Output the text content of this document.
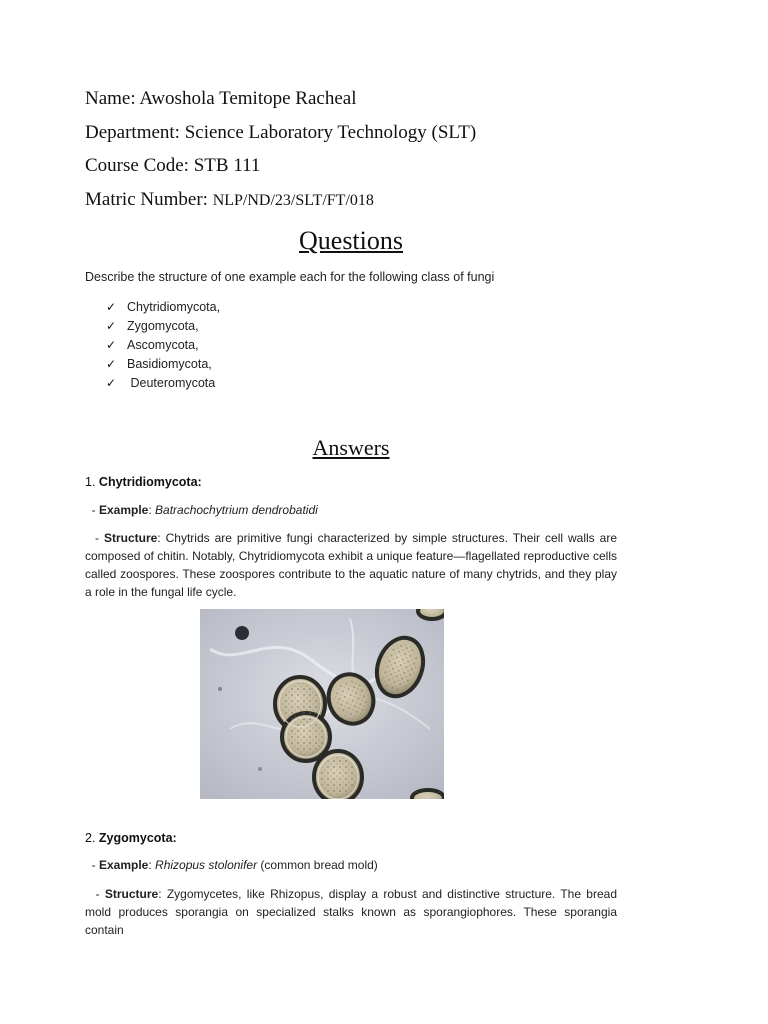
Name: Awoshola Temitope Racheal
Department: Science Laboratory Technology (SLT)
Course Code: STB 111
Matric Number: NLP/ND/23/SLT/FT/018
Questions
Describe the structure of one example each for the following class of fungi
✓ Chytridiomycota,
✓ Zygomycota,
✓ Ascomycota,
✓ Basidiomycota,
✓ Deuteromycota
Answers
1. Chytridiomycota:
- Example: Batrachochytrium dendrobatidi

- Structure: Chytrids are primitive fungi characterized by simple structures. Their cell walls are composed of chitin. Notably, Chytridiomycota exhibit a unique feature—flagellated reproductive cells called zoospores. These zoospores contribute to the aquatic nature of many chytrids, and they play a role in the fungal life cycle.

2. Zygomycota:
- Example: Rhizopus stolonifer (common bread mold)

- Structure: Zygomycetes, like Rhizopus, display a robust and distinctive structure. The bread mold produces sporangia on specialized stalks known as sporangiophores. These sporangia contain
